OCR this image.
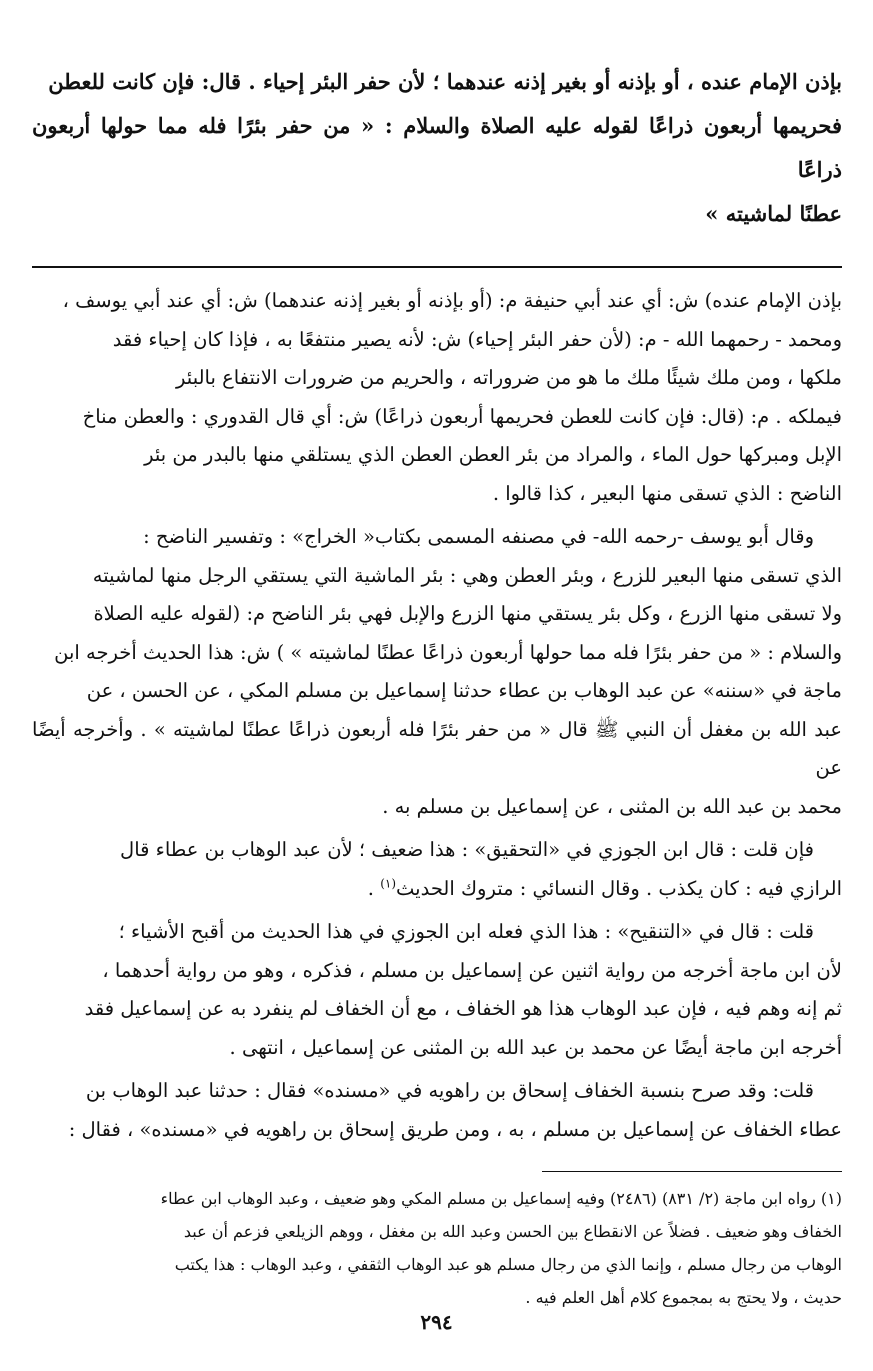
بإذن الإمام عنده ، أو بإذنه أو بغير إذنه عندهما ؛ لأن حفر البئر إحياء . قال: فإن كانت للعطن
فحريمها أربعون ذراعًا لقوله عليه الصلاة والسلام : « من حفر بئرًا فله مما حولها أربعون ذراعًا
عطنًا لماشيته »
بإذن الإمام عنده) ش: أي عند أبي حنيفة م: (أو بإذنه أو بغير إذنه عندهما) ش: أي عند أبي يوسف ،
ومحمد - رحمهما الله - م: (لأن حفر البئر إحياء) ش: لأنه يصير منتفعًا به ، فإذا كان إحياء فقد
ملكها ، ومن ملك شيئًا ملك ما هو من ضروراته ، والحريم من ضرورات الانتفاع بالبئر
فيملكه . م: (قال: فإن كانت للعطن فحريمها أربعون ذراعًا) ش: أي قال القدوري : والعطن مناخ
الإبل ومبركها حول الماء ، والمراد من بئر العطن العطن الذي يستلقي منها بالبدر من بئر
الناضح : الذي تسقى منها البعير ، كذا قالوا .
وقال أبو يوسف -رحمه الله- في مصنفه المسمى بكتاب« الخراج» : وتفسير الناضح :
الذي تسقى منها البعير للزرع ، وبئر العطن وهي : بئر الماشية التي يستقي الرجل منها لماشيته
ولا تسقى منها الزرع ، وكل بئر يستقي منها الزرع والإبل فهي بئر الناضح م: (لقوله عليه الصلاة
والسلام : « من حفر بئرًا فله مما حولها أربعون ذراعًا عطنًا لماشيته » ) ش: هذا الحديث أخرجه ابن
ماجة في «سننه» عن عبد الوهاب بن عطاء حدثنا إسماعيل بن مسلم المكي ، عن الحسن ، عن
عبد الله بن مغفل أن النبي ﷺ قال « من حفر بئرًا فله أربعون ذراعًا عطنًا لماشيته » . وأخرجه أيضًا عن
محمد بن عبد الله بن المثنى ، عن إسماعيل بن مسلم به .
فإن قلت : قال ابن الجوزي في «التحقيق» : هذا ضعيف ؛ لأن عبد الوهاب بن عطاء قال
الرازي فيه : كان يكذب . وقال النسائي : متروك الحديث$^{(١)}$ .
قلت : قال في «التنقيح» : هذا الذي فعله ابن الجوزي في هذا الحديث من أقبح الأشياء ؛
لأن ابن ماجة أخرجه من رواية اثنين عن إسماعيل بن مسلم ، فذكره ، وهو من رواية أحدهما ،
ثم إنه وهم فيه ، فإن عبد الوهاب هذا هو الخفاف ، مع أن الخفاف لم ينفرد به عن إسماعيل فقد
أخرجه ابن ماجة أيضًا عن محمد بن عبد الله بن المثنى عن إسماعيل ، انتهى .
قلت: وقد صرح بنسبة الخفاف إسحاق بن راهويه في «مسنده» فقال : حدثنا عبد الوهاب بن
عطاء الخفاف عن إسماعيل بن مسلم ، به ، ومن طريق إسحاق بن راهويه في «مسنده» ، فقال :
(١) رواه ابن ماجة (٢/ ٨٣١) (٢٤٨٦) وفيه إسماعيل بن مسلم المكي وهو ضعيف ، وعبد الوهاب ابن عطاء
الخفاف وهو ضعيف . فضلاً عن الانقطاع بين الحسن وعبد الله بن مغفل ، ووهم الزيلعي فزعم أن عبد
الوهاب من رجال مسلم ، وإنما الذي من رجال مسلم هو عبد الوهاب الثقفي ، وعبد الوهاب : هذا يكتب
حديث ، ولا يحتج به بمجموع كلام أهل العلم فيه .
٢٩٤
